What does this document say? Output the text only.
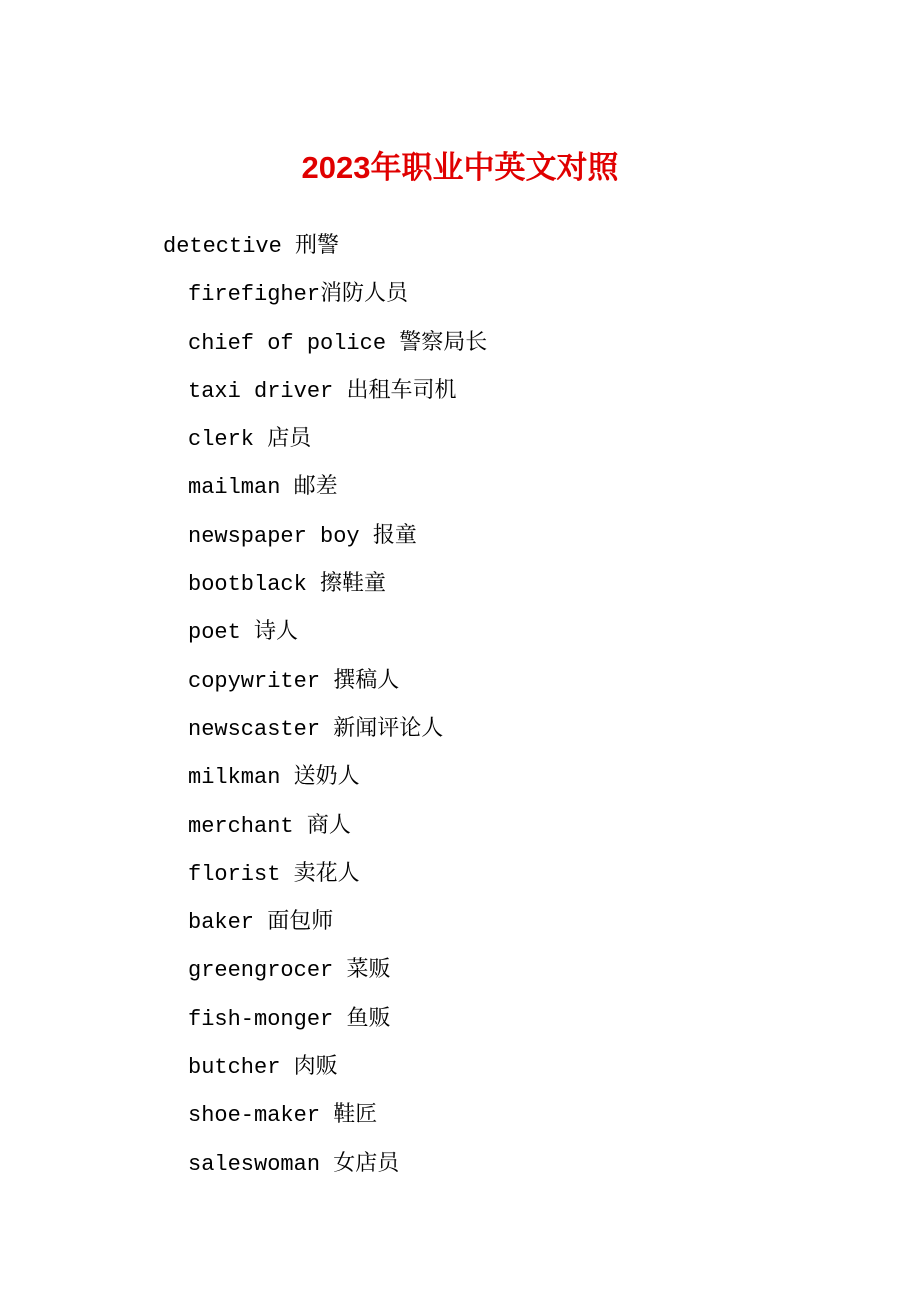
2023年职业中英文对照
detective 刑警
firefigher消防人员
chief of police 警察局长
taxi driver 出租车司机
clerk 店员
mailman 邮差
newspaper boy 报童
bootblack 擦鞋童
poet 诗人
copywriter 撰稿人
newscaster 新闻评论人
milkman 送奶人
merchant 商人
florist 卖花人
baker 面包师
greengrocer 菜贩
fish-monger 鱼贩
butcher 肉贩
shoe-maker 鞋匠
saleswoman 女店员
